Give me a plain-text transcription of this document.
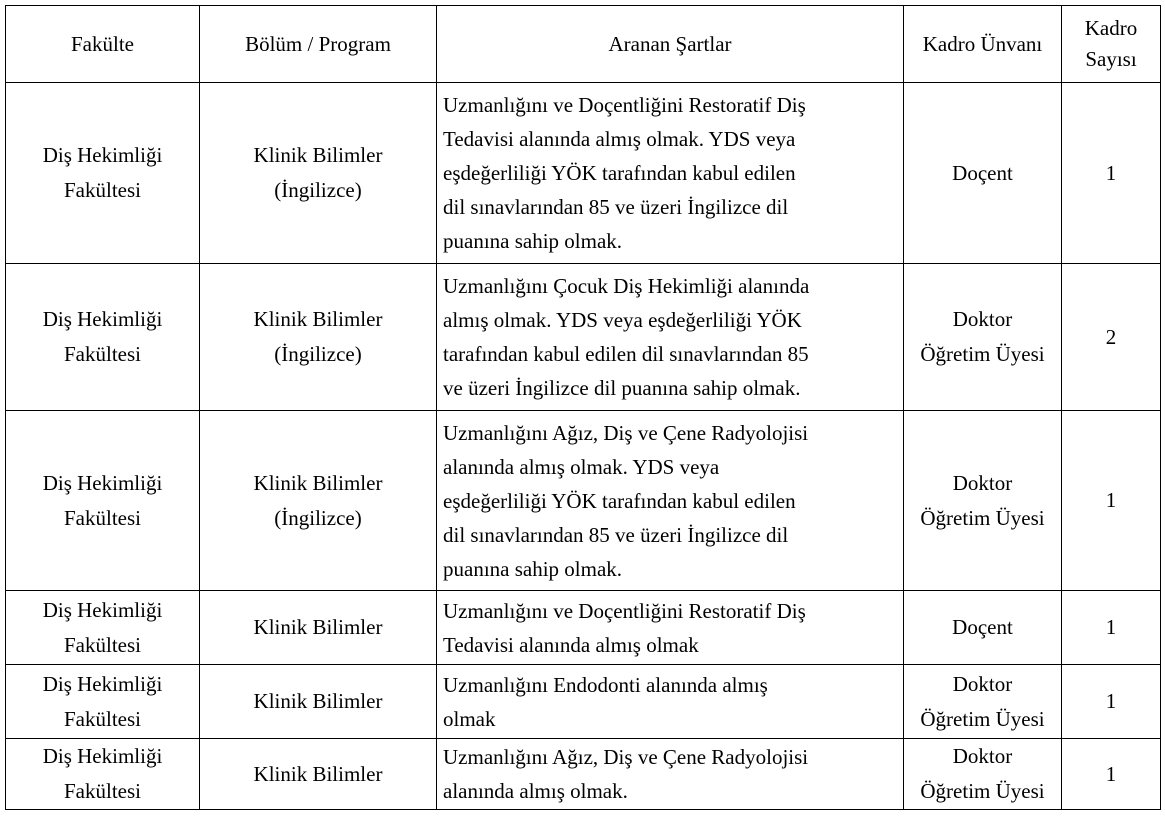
Fakülte	Bölüm / Program	Aranan Şartlar	Kadro Ünvanı	Kadro
Sayısı

Diş Hekimliği
Fakültesi	Klinik Bilimler
(İngilizce)	Uzmanlığını ve Doçentliğini Restoratif Diş
Tedavisi alanında almış olmak. YDS veya
eşdeğerliliği YÖK tarafından kabul edilen
dil sınavlarından 85 ve üzeri İngilizce dil
puanına sahip olmak.	Doçent	1

Diş Hekimliği
Fakültesi	Klinik Bilimler
(İngilizce)	Uzmanlığını Çocuk Diş Hekimliği alanında
almış olmak. YDS veya eşdeğerliliği YÖK
tarafından kabul edilen dil sınavlarından 85
ve üzeri İngilizce dil puanına sahip olmak.	Doktor
Öğretim Üyesi	2

Diş Hekimliği
Fakültesi	Klinik Bilimler
(İngilizce)	Uzmanlığını Ağız, Diş ve Çene Radyolojisi
alanında almış olmak. YDS veya
eşdeğerliliği YÖK tarafından kabul edilen
dil sınavlarından 85 ve üzeri İngilizce dil
puanına sahip olmak.	Doktor
Öğretim Üyesi	1

Diş Hekimliği
Fakültesi	Klinik Bilimler	Uzmanlığını ve Doçentliğini Restoratif Diş
Tedavisi alanında almış olmak	Doçent	1

Diş Hekimliği
Fakültesi	Klinik Bilimler	Uzmanlığını Endodonti alanında almış
olmak	Doktor
Öğretim Üyesi	1

Diş Hekimliği
Fakültesi	Klinik Bilimler	Uzmanlığını Ağız, Diş ve Çene Radyolojisi
alanında almış olmak.	Doktor
Öğretim Üyesi	1
